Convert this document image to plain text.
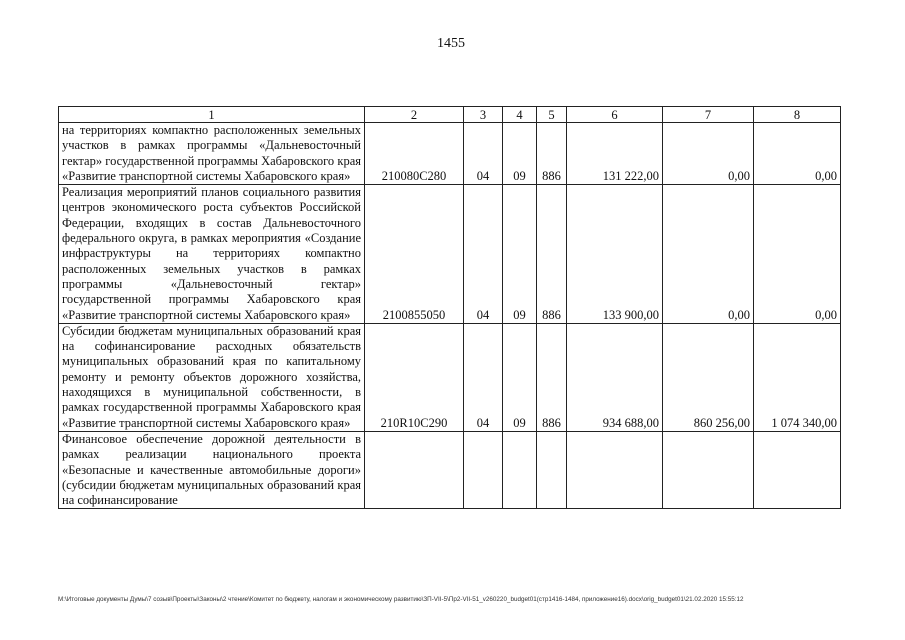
1455
1	2	3	4	5	6	7	8
на территориях компактно расположенных земельных участков в рамках программы «Дальневосточный гектар» государственной программы Хабаровского края «Развитие транспортной системы Хабаровского края»	210080C280	04	09	886	131 222,00	0,00	0,00
Реализация мероприятий планов социального развития центров экономического роста субъектов Российской Федерации, входящих в состав Дальневосточного федерального округа, в рамках мероприятия «Создание инфраструктуры на территориях компактно расположенных земельных участков в рамках программы «Дальневосточный гектар» государственной программы Хабаровского края «Развитие транспортной системы Хабаровского края»	2100855050	04	09	886	133 900,00	0,00	0,00
Субсидии бюджетам муниципальных образований края на софинансирование расходных обязательств муниципальных образований края по капитальному ремонту и ремонту объектов дорожного хозяйства, находящихся в муниципальной собственности, в рамках государственной программы Хабаровского края «Развитие транспортной системы Хабаровского края»	210R10C290	04	09	886	934 688,00	860 256,00	1 074 340,00
Финансовое обеспечение дорожной деятельности в рамках реализации национального проекта «Безопасные и качественные автомобильные дороги» (субсидии бюджетам муниципальных образований края на софинансирование							
M:\Итоговые документы Думы\7 созыв\Проекты\Законы\2 чтение\Комитет по бюджету, налогам и экономическому развитию\ЗП-VII-5\Пр2-VII-51_v260220_budget01(стр1416-1484, приложение16).docx\orig_budget01\21.02.2020 15:55:12
